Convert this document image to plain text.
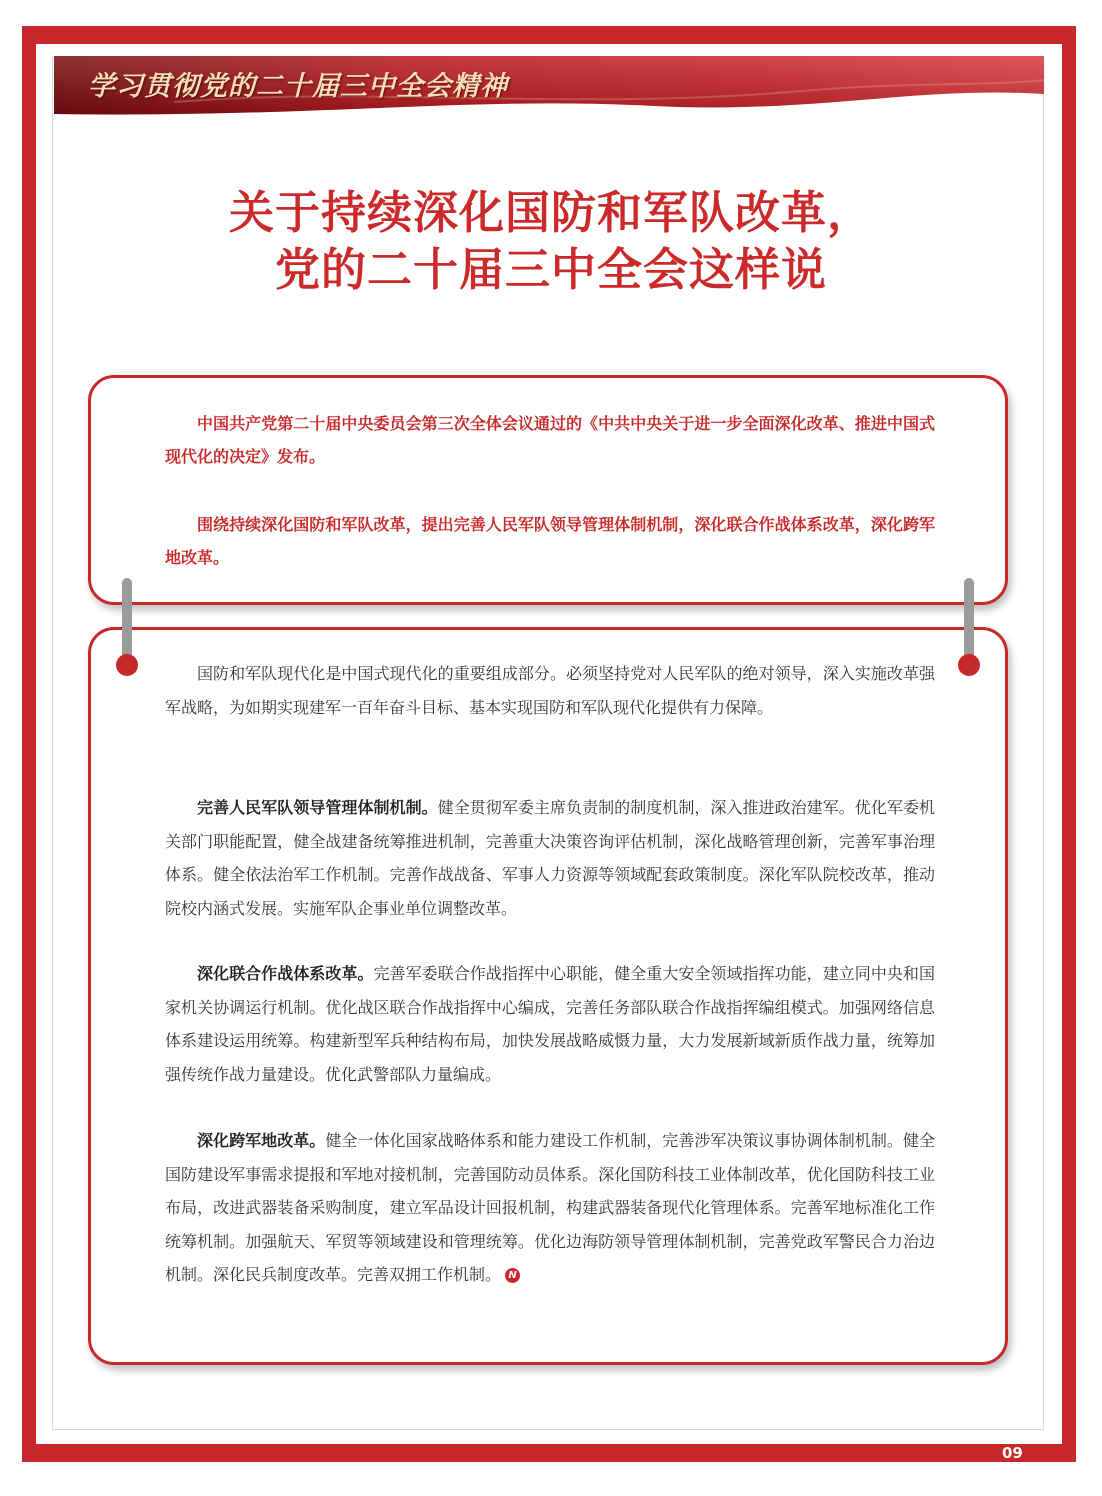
学习贯彻党的二十届三中全会精神
关于持续深化国防和军队改革，
党的二十届三中全会这样说

中国共产党第二十届中央委员会第三次全体会议通过的《中共中央关于进一步全面深化改革、推进中国式现代化的决定》发布。

围绕持续深化国防和军队改革，提出完善人民军队领导管理体制机制，深化联合作战体系改革，深化跨军地改革。

国防和军队现代化是中国式现代化的重要组成部分。必须坚持党对人民军队的绝对领导，深入实施改革强军战略，为如期实现建军一百年奋斗目标、基本实现国防和军队现代化提供有力保障。

完善人民军队领导管理体制机制。健全贯彻军委主席负责制的制度机制，深入推进政治建军。优化军委机关部门职能配置，健全战建备统筹推进机制，完善重大决策咨询评估机制，深化战略管理创新，完善军事治理体系。健全依法治军工作机制。完善作战战备、军事人力资源等领域配套政策制度。深化军队院校改革，推动院校内涵式发展。实施军队企事业单位调整改革。

深化联合作战体系改革。完善军委联合作战指挥中心职能，健全重大安全领域指挥功能，建立同中央和国家机关协调运行机制。优化战区联合作战指挥中心编成，完善任务部队联合作战指挥编组模式。加强网络信息体系建设运用统筹。构建新型军兵种结构布局，加快发展战略威慑力量，大力发展新域新质作战力量，统筹加强传统作战力量建设。优化武警部队力量编成。

深化跨军地改革。健全一体化国家战略体系和能力建设工作机制，完善涉军决策议事协调体制机制。健全国防建设军事需求提报和军地对接机制，完善国防动员体系。深化国防科技工业体制改革，优化国防科技工业布局，改进武器装备采购制度，建立军品设计回报机制，构建武器装备现代化管理体系。完善军地标准化工作统筹机制。加强航天、军贸等领域建设和管理统筹。优化边海防领导管理体制机制，完善党政军警民合力治边机制。深化民兵制度改革。完善双拥工作机制。 N

09
